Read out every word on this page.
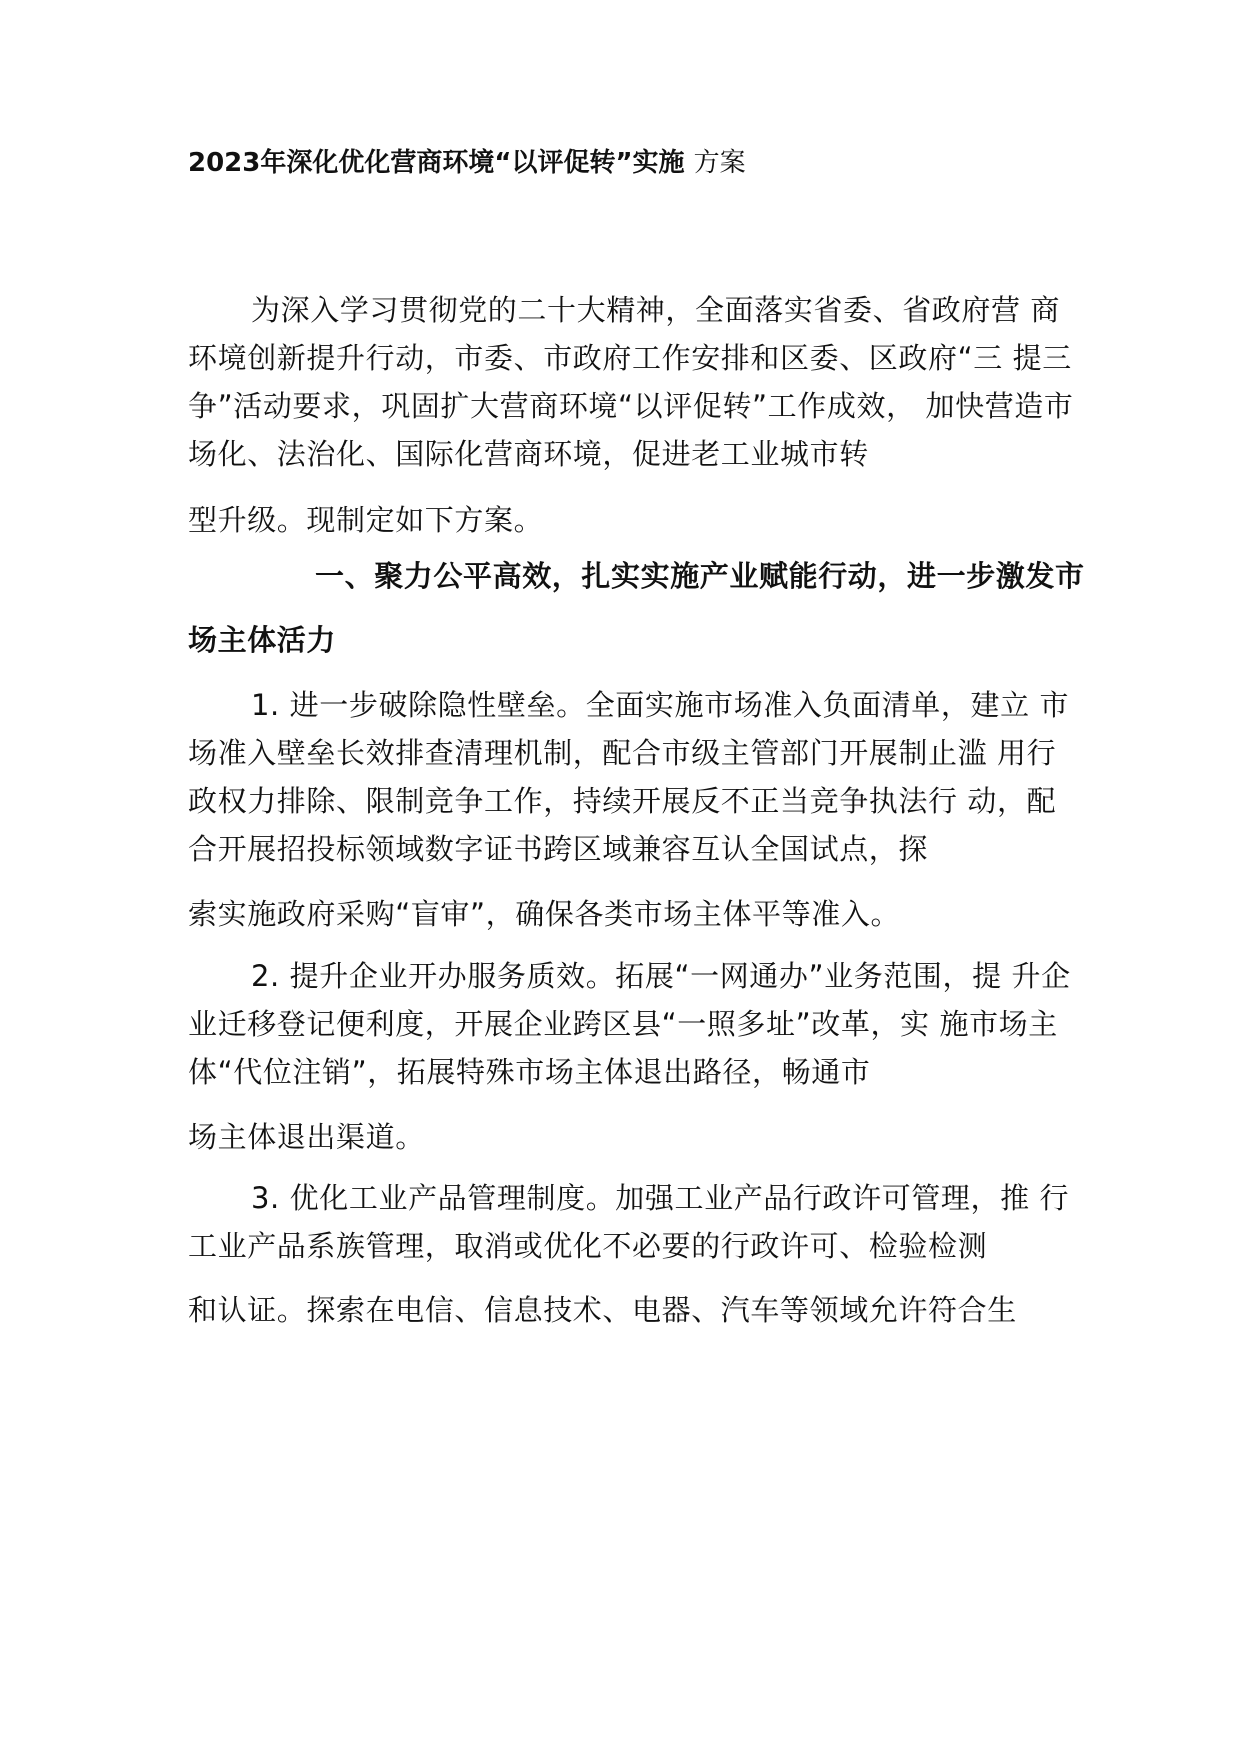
2023年深化优化营商环境“以评促转”实施 方案
为深入学习贯彻党的二十大精神，全面落实省委、省政府营 商
环境创新提升行动，市委、市政府工作安排和区委、区政府“三 提三
争”活动要求，巩固扩大营商环境“以评促转”工作成效， 加快营造市
场化、法治化、国际化营商环境，促进老工业城市转
型升级。现制定如下方案。
一、聚力公平高效，扎实实施产业赋能行动，进一步激发市
场主体活力
1. 进一步破除隐性壁垒。全面实施市场准入负面清单，建立 市
场准入壁垒长效排查清理机制，配合市级主管部门开展制止滥 用行
政权力排除、限制竞争工作，持续开展反不正当竞争执法行 动，配
合开展招投标领域数字证书跨区域兼容互认全国试点，探
索实施政府采购“盲审”，确保各类市场主体平等准入。
2. 提升企业开办服务质效。拓展“一网通办”业务范围，提 升企
业迁移登记便利度，开展企业跨区县“一照多址”改革，实 施市场主
体“代位注销”，拓展特殊市场主体退出路径，畅通市
场主体退出渠道。
3. 优化工业产品管理制度。加强工业产品行政许可管理，推 行
工业产品系族管理，取消或优化不必要的行政许可、检验检测
和认证。探索在电信、信息技术、电器、汽车等领域允许符合生
